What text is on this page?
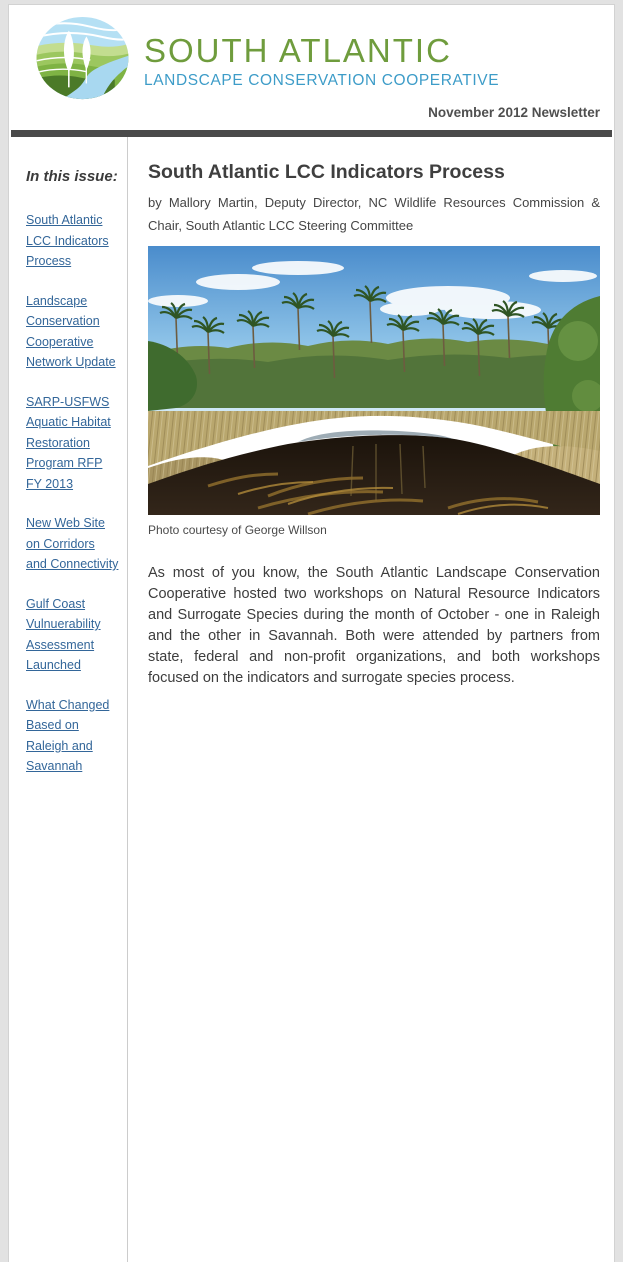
SOUTH ATLANTIC
LANDSCAPE CONSERVATION COOPERATIVE
November 2012 Newsletter
In this issue:
South Atlantic LCC Indicators Process
Landscape Conservation Cooperative Network Update
SARP-USFWS Aquatic Habitat Restoration Program RFP FY 2013
New Web Site on Corridors and Connectivity
Gulf Coast Vulnuerability Assessment Launched
What Changed Based on Raleigh and Savannah
South Atlantic LCC Indicators Process
by Mallory Martin, Deputy Director, NC Wildlife Resources Commission & Chair, South Atlantic LCC Steering Committee
Photo courtesy of George Willson
As most of you know, the South Atlantic Landscape Conservation Cooperative hosted two workshops on Natural Resource Indicators and Surrogate Species during the month of October - one in Raleigh and the other in Savannah. Both were attended by partners from state, federal and non-profit organizations, and both workshops focused on the indicators and surrogate species process.
